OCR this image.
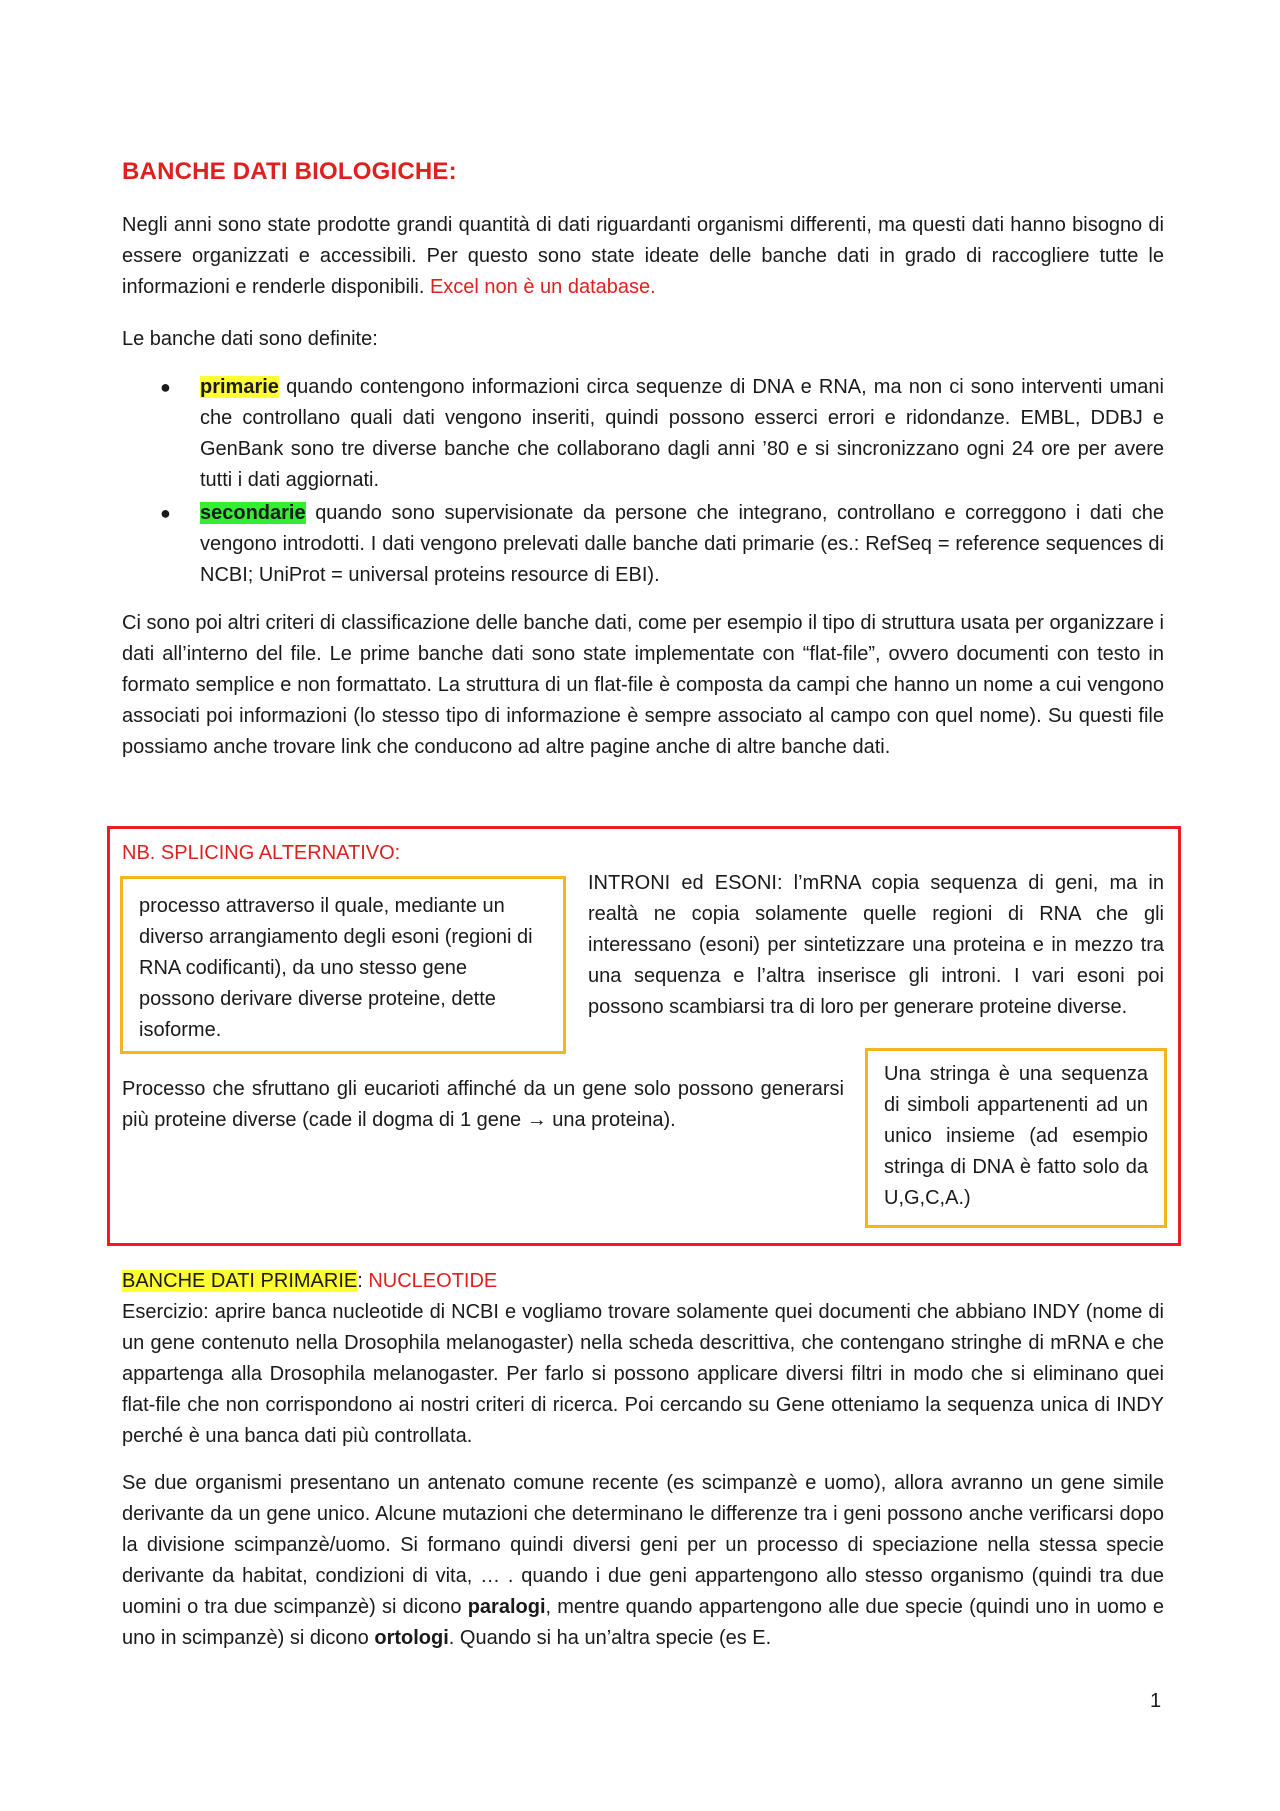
BANCHE DATI BIOLOGICHE:
Negli anni sono state prodotte grandi quantità di dati riguardanti organismi differenti, ma questi dati hanno bisogno di essere organizzati e accessibili. Per questo sono state ideate delle banche dati in grado di raccogliere tutte le informazioni e renderle disponibili. Excel non è un database.
Le banche dati sono definite:
● primarie quando contengono informazioni circa sequenze di DNA e RNA, ma non ci sono interventi umani che controllano quali dati vengono inseriti, quindi possono esserci errori e ridondanze. EMBL, DDBJ e GenBank sono tre diverse banche che collaborano dagli anni ’80 e si sincronizzano ogni 24 ore per avere tutti i dati aggiornati.
● secondarie quando sono supervisionate da persone che integrano, controllano e correggono i dati che vengono introdotti. I dati vengono prelevati dalle banche dati primarie (es.: RefSeq = reference sequences di NCBI; UniProt = universal proteins resource di EBI).
Ci sono poi altri criteri di classificazione delle banche dati, come per esempio il tipo di struttura usata per organizzare i dati all’interno del file. Le prime banche dati sono state implementate con “flat-file”, ovvero documenti con testo in formato semplice e non formattato. La struttura di un flat-file è composta da campi che hanno un nome a cui vengono associati poi informazioni (lo stesso tipo di informazione è sempre associato al campo con quel nome). Su questi file possiamo anche trovare link che conducono ad altre pagine anche di altre banche dati.
NB. SPLICING ALTERNATIVO:
processo attraverso il quale, mediante un diverso arrangiamento degli esoni (regioni di RNA codificanti), da uno stesso gene possono derivare diverse proteine, dette isoforme.
INTRONI ed ESONI: l’mRNA copia sequenza di geni, ma in realtà ne copia solamente quelle regioni di RNA che gli interessano (esoni) per sintetizzare una proteina e in mezzo tra una sequenza e l’altra inserisce gli introni. I vari esoni poi possono scambiarsi tra di loro per generare proteine diverse.
Processo che sfruttano gli eucarioti affinché da un gene solo possono generarsi più proteine diverse (cade il dogma di 1 gene → una proteina).
Una stringa è una sequenza di simboli appartenenti ad un unico insieme (ad esempio stringa di DNA è fatto solo da U,G,C,A.)
BANCHE DATI PRIMARIE: NUCLEOTIDE
Esercizio: aprire banca nucleotide di NCBI e vogliamo trovare solamente quei documenti che abbiano INDY (nome di un gene contenuto nella Drosophila melanogaster) nella scheda descrittiva, che contengano stringhe di mRNA e che appartenga alla Drosophila melanogaster. Per farlo si possono applicare diversi filtri in modo che si eliminano quei flat-file che non corrispondono ai nostri criteri di ricerca. Poi cercando su Gene otteniamo la sequenza unica di INDY perché è una banca dati più controllata.
Se due organismi presentano un antenato comune recente (es scimpanzè e uomo), allora avranno un gene simile derivante da un gene unico. Alcune mutazioni che determinano le differenze tra i geni possono anche verificarsi dopo la divisione scimpanzè/uomo. Si formano quindi diversi geni per un processo di speciazione nella stessa specie derivante da habitat, condizioni di vita, … . quando i due geni appartengono allo stesso organismo (quindi tra due uomini o tra due scimpanzè) si dicono paralogi, mentre quando appartengono alle due specie (quindi uno in uomo e uno in scimpanzè) si dicono ortologi. Quando si ha un’altra specie (es E.
1
